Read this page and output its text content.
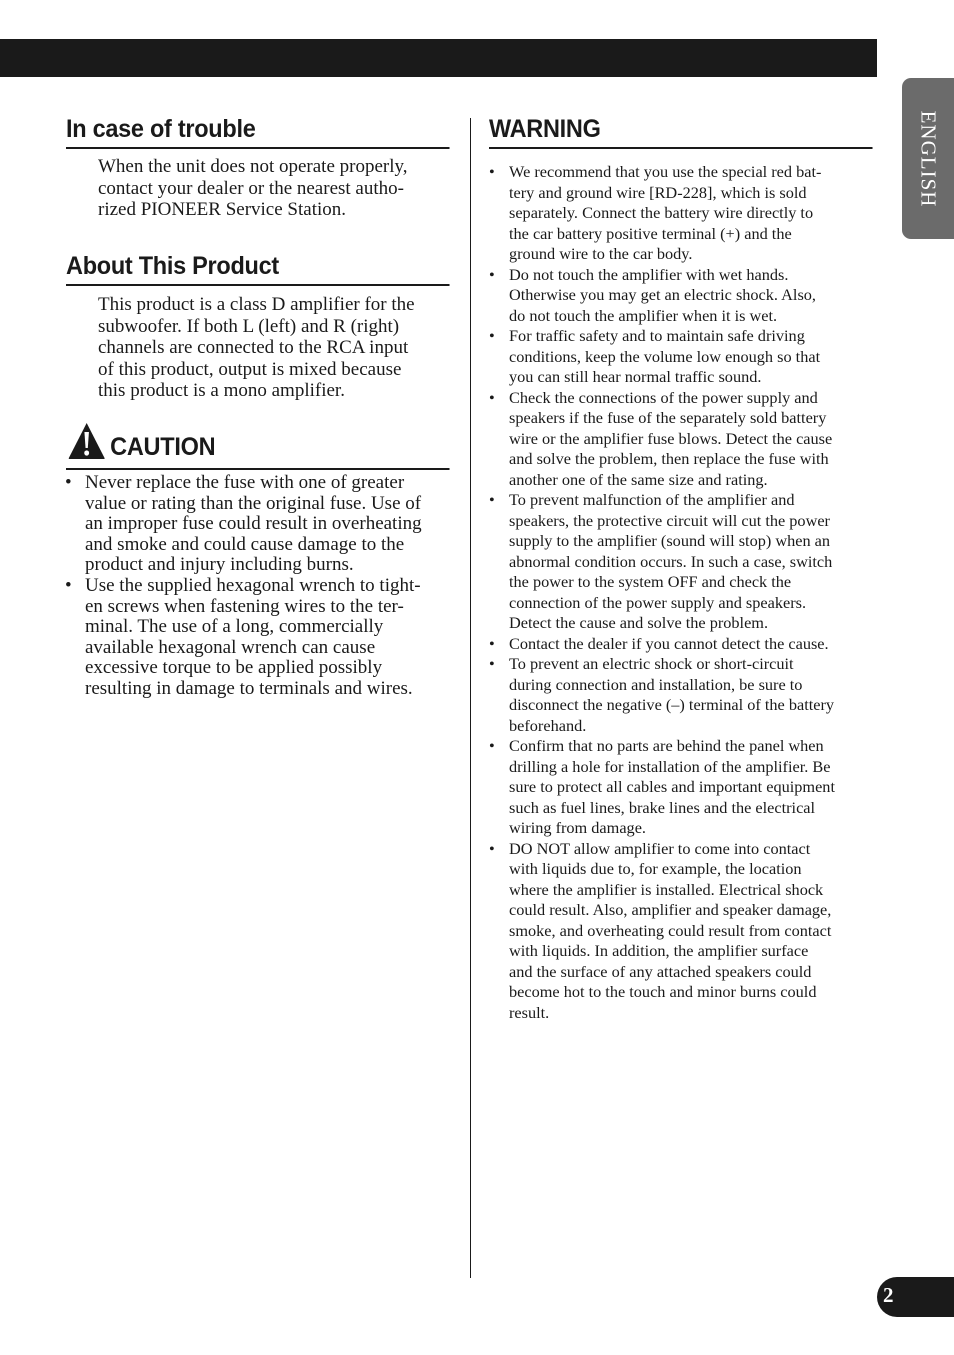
ENGLISH
In case of trouble

When the unit does not operate properly,
contact your dealer or the nearest autho-
rized PIONEER Service Station.

About This Product

This product is a class D amplifier for the
subwoofer. If both L (left) and R (right)
channels are connected to the RCA input
of this product, output is mixed because
this product is a mono amplifier.

CAUTION
• Never replace the fuse with one of greater
value or rating than the original fuse. Use of
an improper fuse could result in overheating
and smoke and could cause damage to the
product and injury including burns.
• Use the supplied hexagonal wrench to tight-
en screws when fastening wires to the ter-
minal. The use of a long, commercially
available hexagonal wrench can cause
excessive torque to be applied possibly
resulting in damage to terminals and wires.
WARNING
• We recommend that you use the special red bat-
tery and ground wire [RD-228], which is sold
separately. Connect the battery wire directly to
the car battery positive terminal (+) and the
ground wire to the car body.
• Do not touch the amplifier with wet hands.
Otherwise you may get an electric shock. Also,
do not touch the amplifier when it is wet.
• For traffic safety and to maintain safe driving
conditions, keep the volume low enough so that
you can still hear normal traffic sound.
• Check the connections of the power supply and
speakers if the fuse of the separately sold battery
wire or the amplifier fuse blows. Detect the cause
and solve the problem, then replace the fuse with
another one of the same size and rating.
• To prevent malfunction of the amplifier and
speakers, the protective circuit will cut the power
supply to the amplifier (sound will stop) when an
abnormal condition occurs. In such a case, switch
the power to the system OFF and check the
connection of the power supply and speakers.
Detect the cause and solve the problem.
• Contact the dealer if you cannot detect the cause.
• To prevent an electric shock or short-circuit
during connection and installation, be sure to
disconnect the negative (–) terminal of the battery
beforehand.
• Confirm that no parts are behind the panel when
drilling a hole for installation of the amplifier. Be
sure to protect all cables and important equipment
such as fuel lines, brake lines and the electrical
wiring from damage.
• DO NOT allow amplifier to come into contact
with liquids due to, for example, the location
where the amplifier is installed. Electrical shock
could result. Also, amplifier and speaker damage,
smoke, and overheating could result from contact
with liquids. In addition, the amplifier surface
and the surface of any attached speakers could
become hot to the touch and minor burns could
result.
2
